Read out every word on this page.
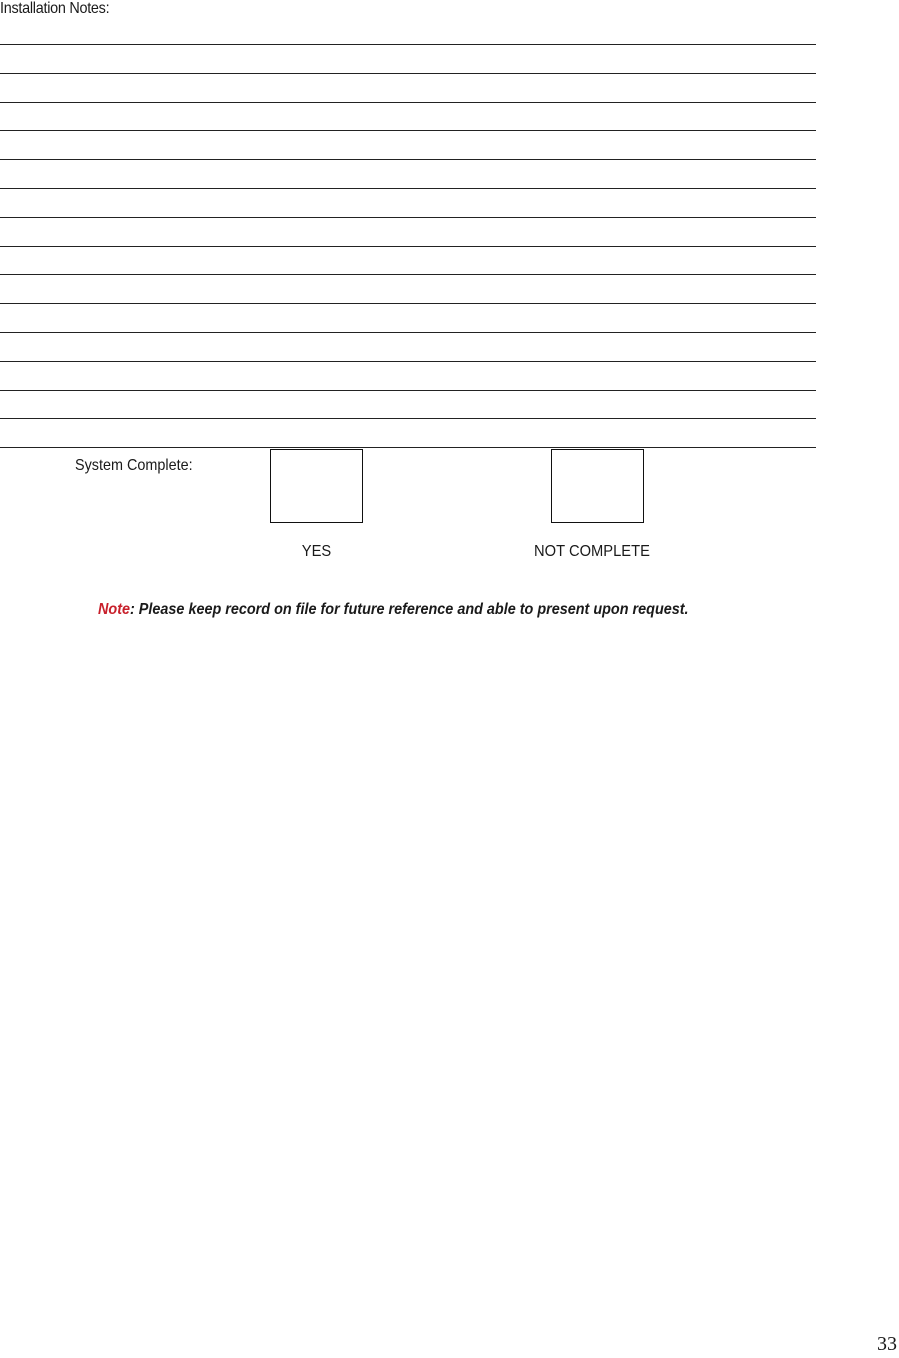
Installation Notes:
System Complete:
YES	NOT COMPLETE
Note: Please keep record on file for future reference and able to present upon request.
33
